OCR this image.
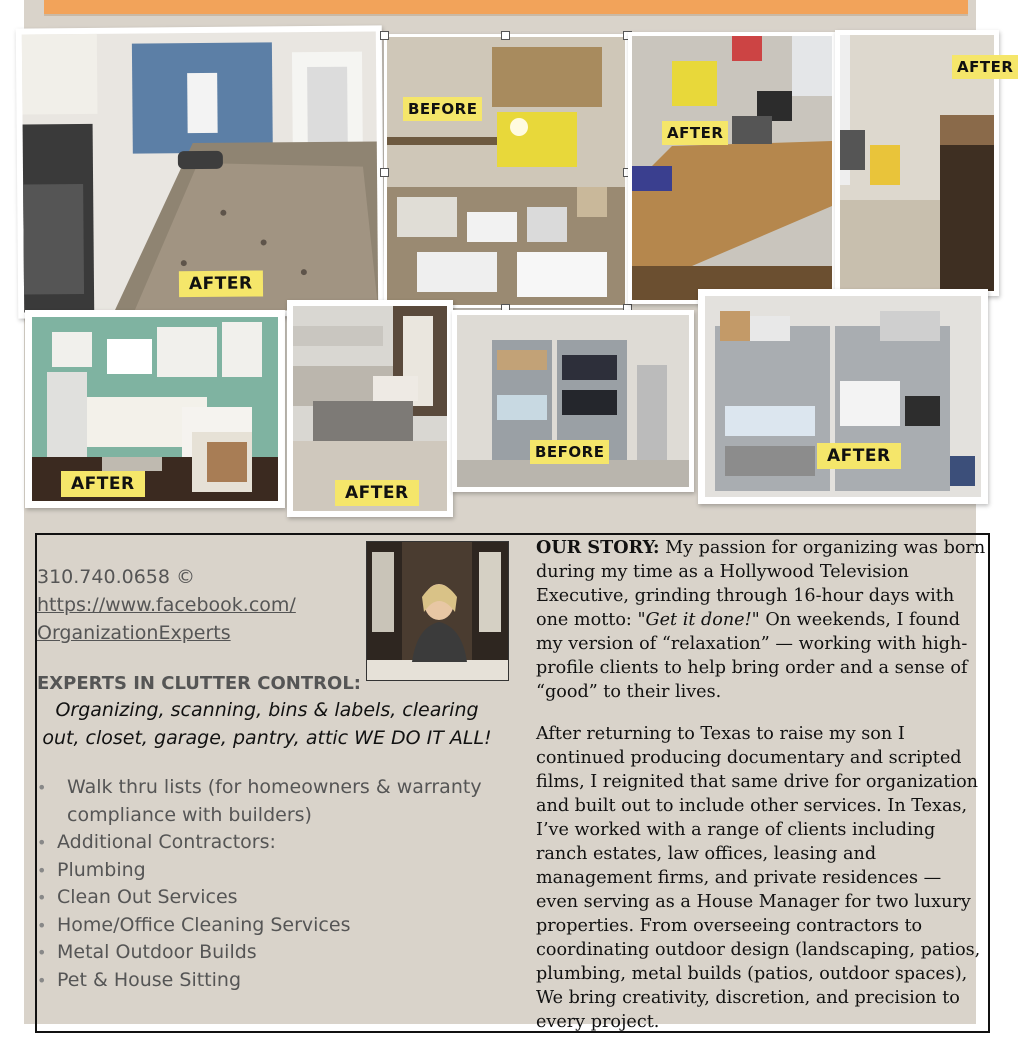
AFTER
BEFORE
AFTER
AFTER
AFTER	AFTER
BEFORE	AFTER
310.740.0658 ©
https://www.facebook.com/
OrganizationExperts
EXPERTS IN CLUTTER CONTROL:
Organizing, scanning, bins & labels, clearing out, closet, garage, pantry, attic WE DO IT ALL!
• Walk thru lists (for homeowners & warranty compliance with builders)
• Additional Contractors:
• Plumbing
• Clean Out Services
• Home/Office Cleaning Services
• Metal Outdoor Builds
• Pet & House Sitting

OUR STORY: My passion for organizing was born during my time as a Hollywood Television Executive, grinding through 16-hour days with one motto: "Get it done!" On weekends, I found my version of “relaxation” — working with high-profile clients to help bring order and a sense of “good” to their lives.

After returning to Texas to raise my son I continued producing documentary and scripted films, I reignited that same drive for organization and built out to include other services. In Texas, I’ve worked with a range of clients including ranch estates, law offices, leasing and management firms, and private residences — even serving as a House Manager for two luxury properties. From overseeing contractors to coordinating outdoor design (landscaping, patios, plumbing, metal builds (patios, outdoor spaces), We bring creativity, discretion, and precision to every project.
